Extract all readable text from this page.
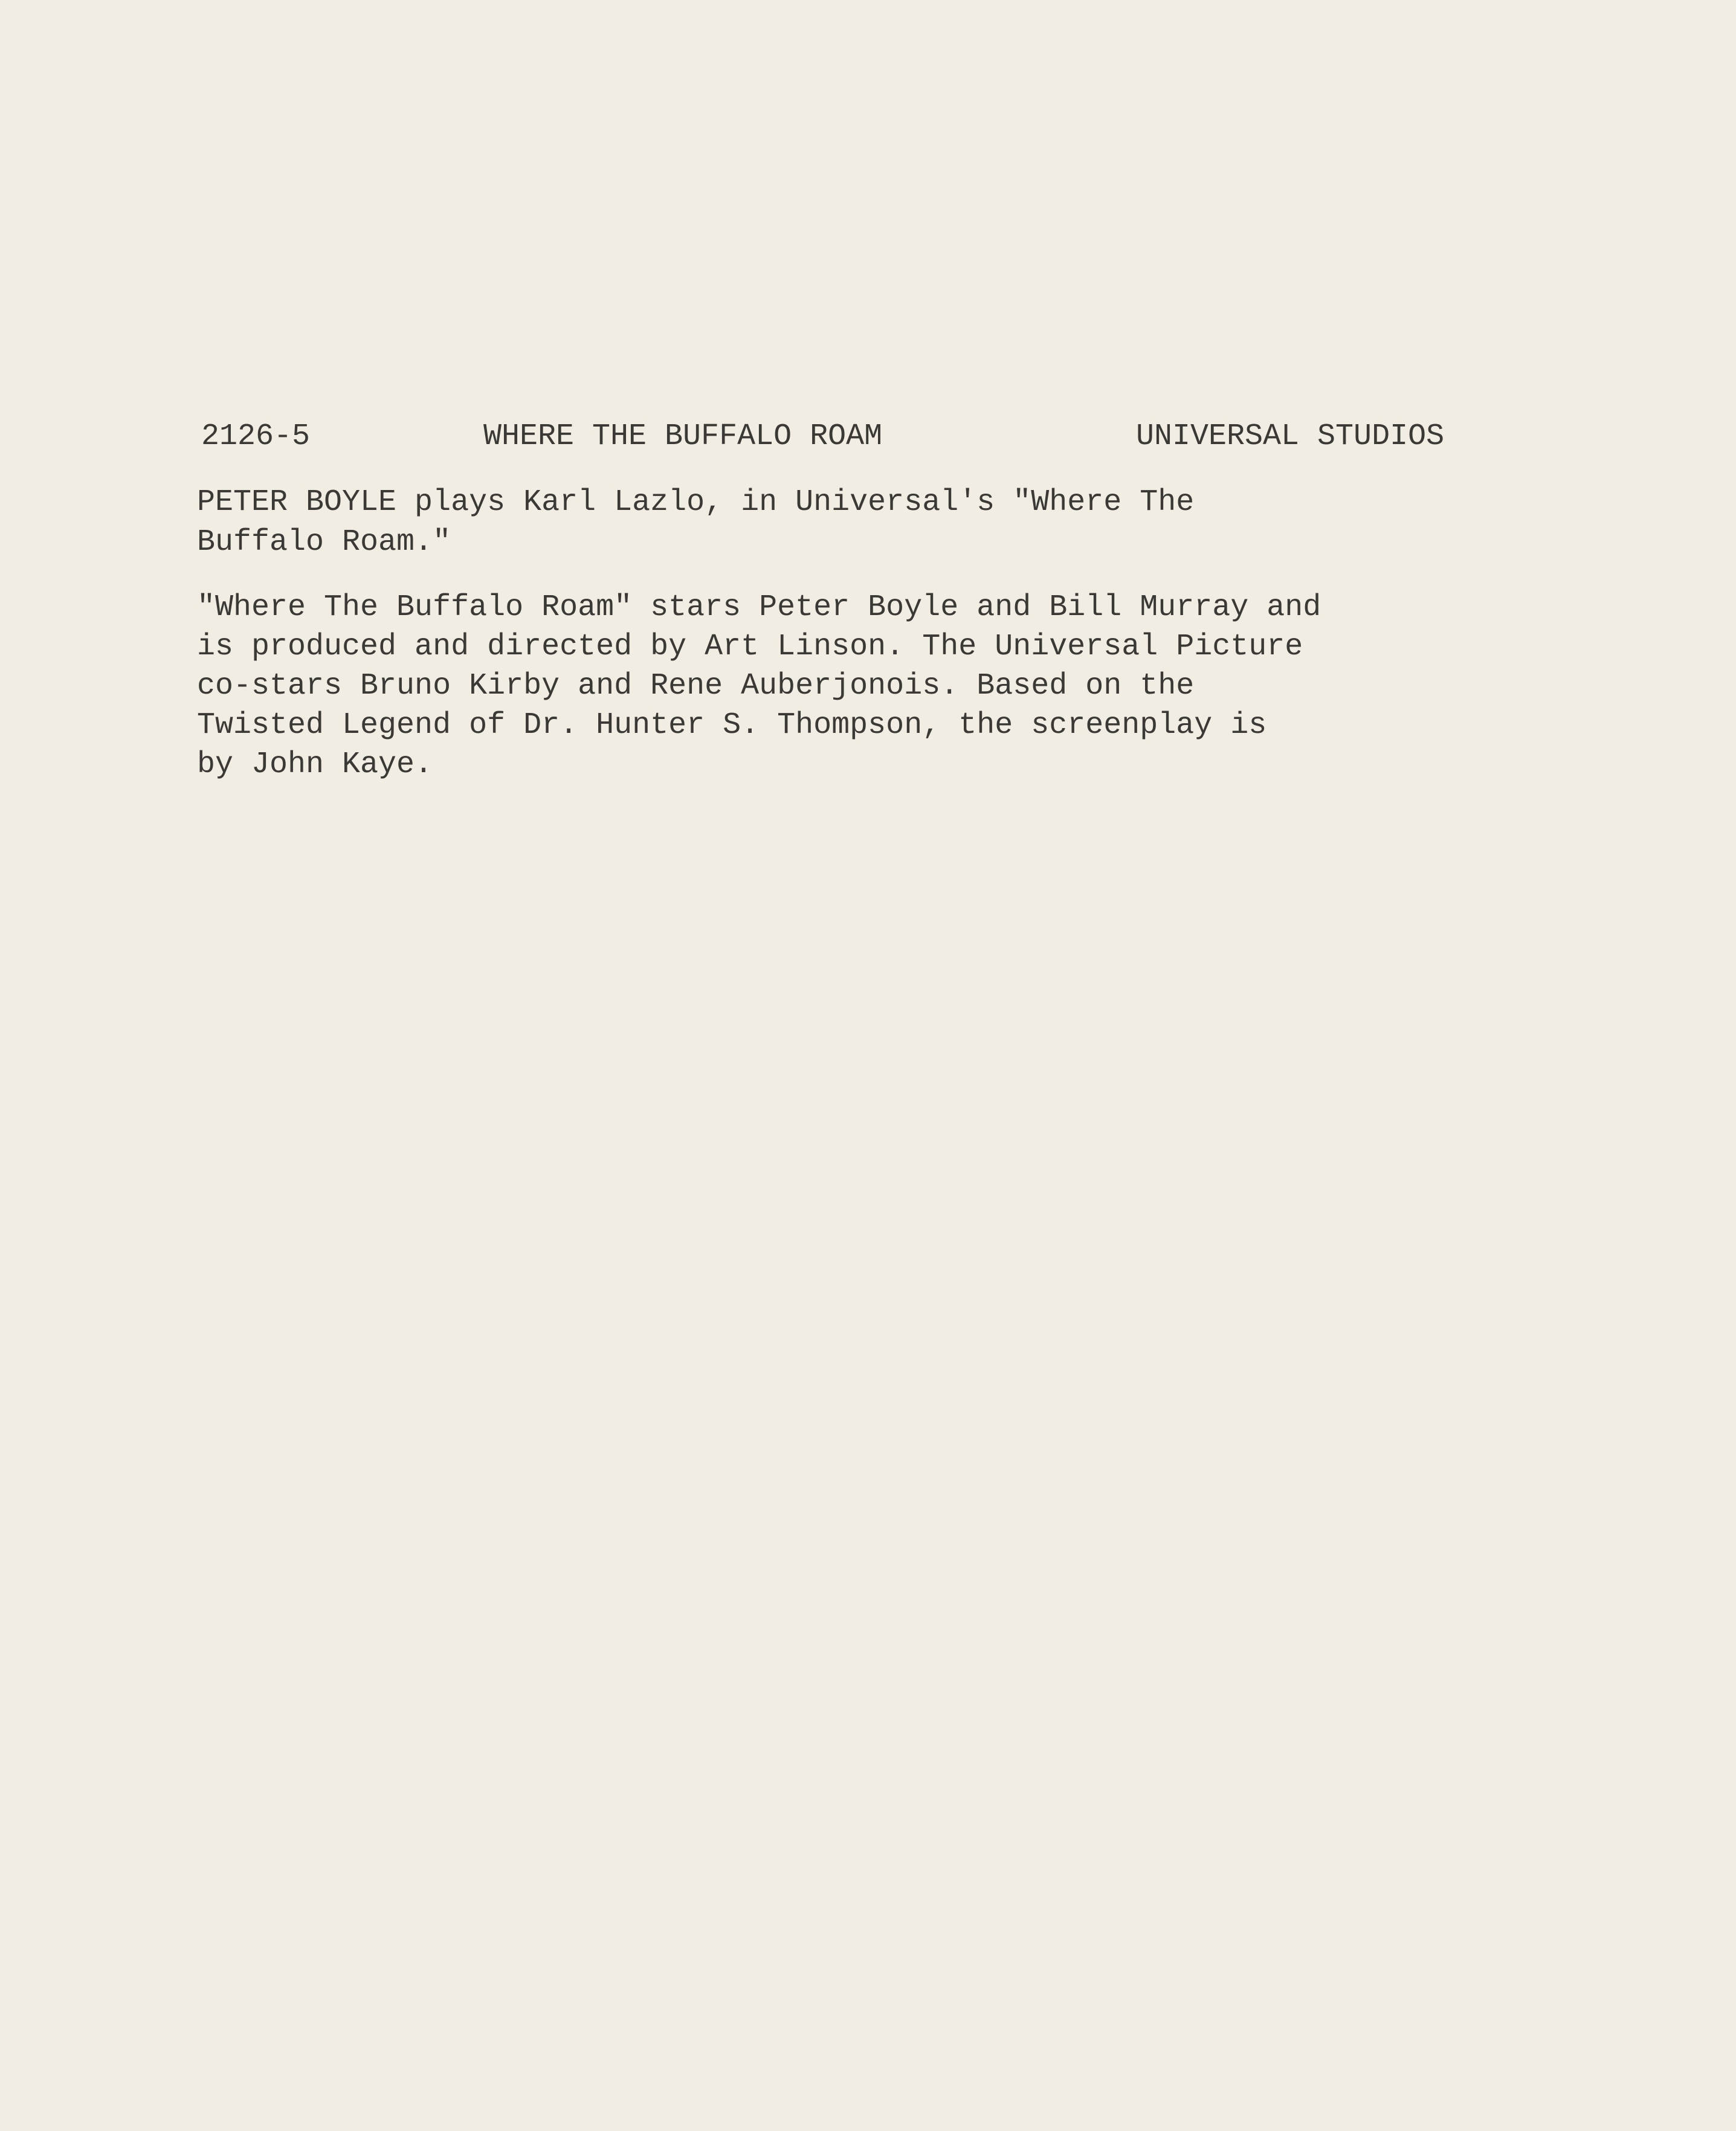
2126-5	WHERE THE BUFFALO ROAM	UNIVERSAL STUDIOS
PETER BOYLE plays Karl Lazlo, in Universal's "Where The
Buffalo Roam."
"Where The Buffalo Roam" stars Peter Boyle and Bill Murray and
is produced and directed by Art Linson. The Universal Picture
co-stars Bruno Kirby and Rene Auberjonois. Based on the
Twisted Legend of Dr. Hunter S. Thompson, the screenplay is
by John Kaye.
